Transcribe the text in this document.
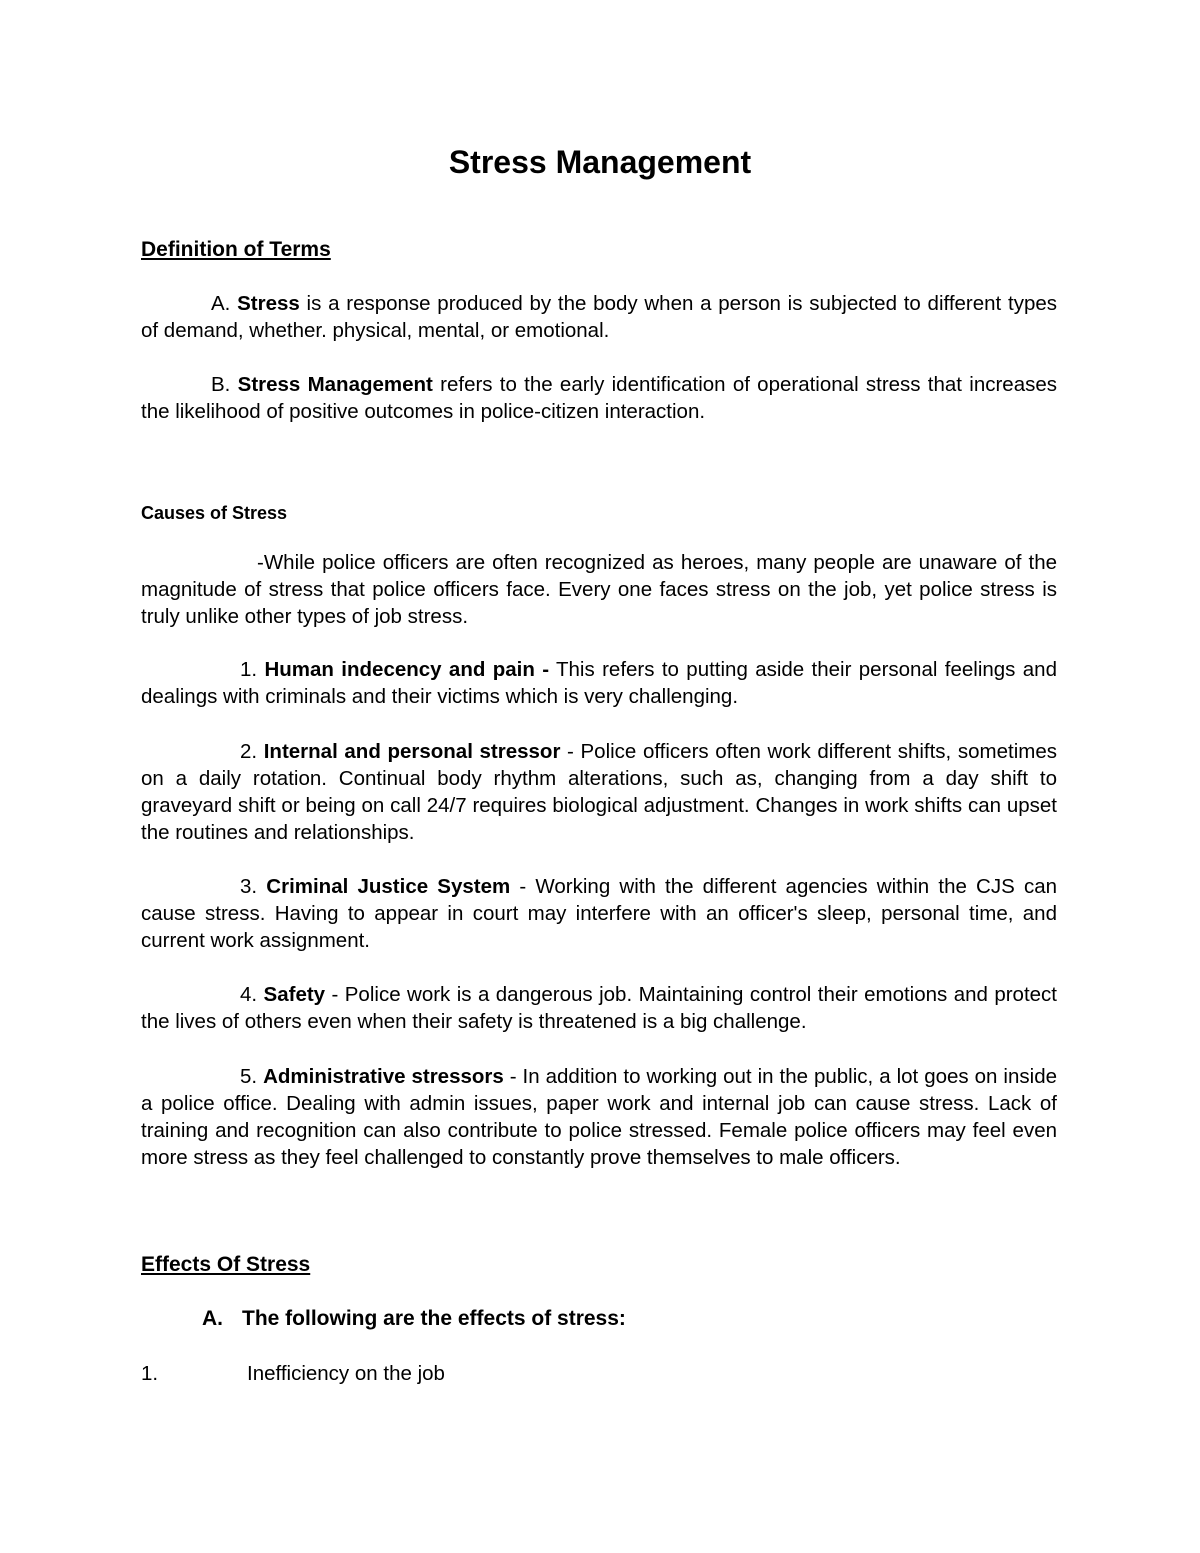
Stress Management
Definition of Terms

A. Stress is a response produced by the body when a person is subjected to different types of demand, whether. physical, mental, or emotional.

B. Stress Management refers to the early identification of operational stress that increases the likelihood of positive outcomes in police-citizen interaction.

Causes of Stress

-While police officers are often recognized as heroes, many people are unaware of the magnitude of stress that police officers face. Every one faces stress on the job, yet police stress is truly unlike other types of job stress.

1. Human indecency and pain - This refers to putting aside their personal feelings and dealings with criminals and their victims which is very challenging.

2. Internal and personal stressor - Police officers often work different shifts, sometimes on a daily rotation. Continual body rhythm alterations, such as, changing from a day shift to graveyard shift or being on call 24/7 requires biological adjustment. Changes in work shifts can upset the routines and relationships.

3. Criminal Justice System - Working with the different agencies within the CJS can cause stress. Having to appear in court may interfere with an officer's sleep, personal time, and current work assignment.

4. Safety - Police work is a dangerous job. Maintaining control their emotions and protect the lives of others even when their safety is threatened is a big challenge.

5. Administrative stressors - In addition to working out in the public, a lot goes on inside a police office. Dealing with admin issues, paper work and internal job can cause stress. Lack of training and recognition can also contribute to police stressed. Female police officers may feel even more stress as they feel challenged to constantly prove themselves to male officers.

Effects Of Stress
A. The following are the effects of stress:
1.	Inefficiency on the job
